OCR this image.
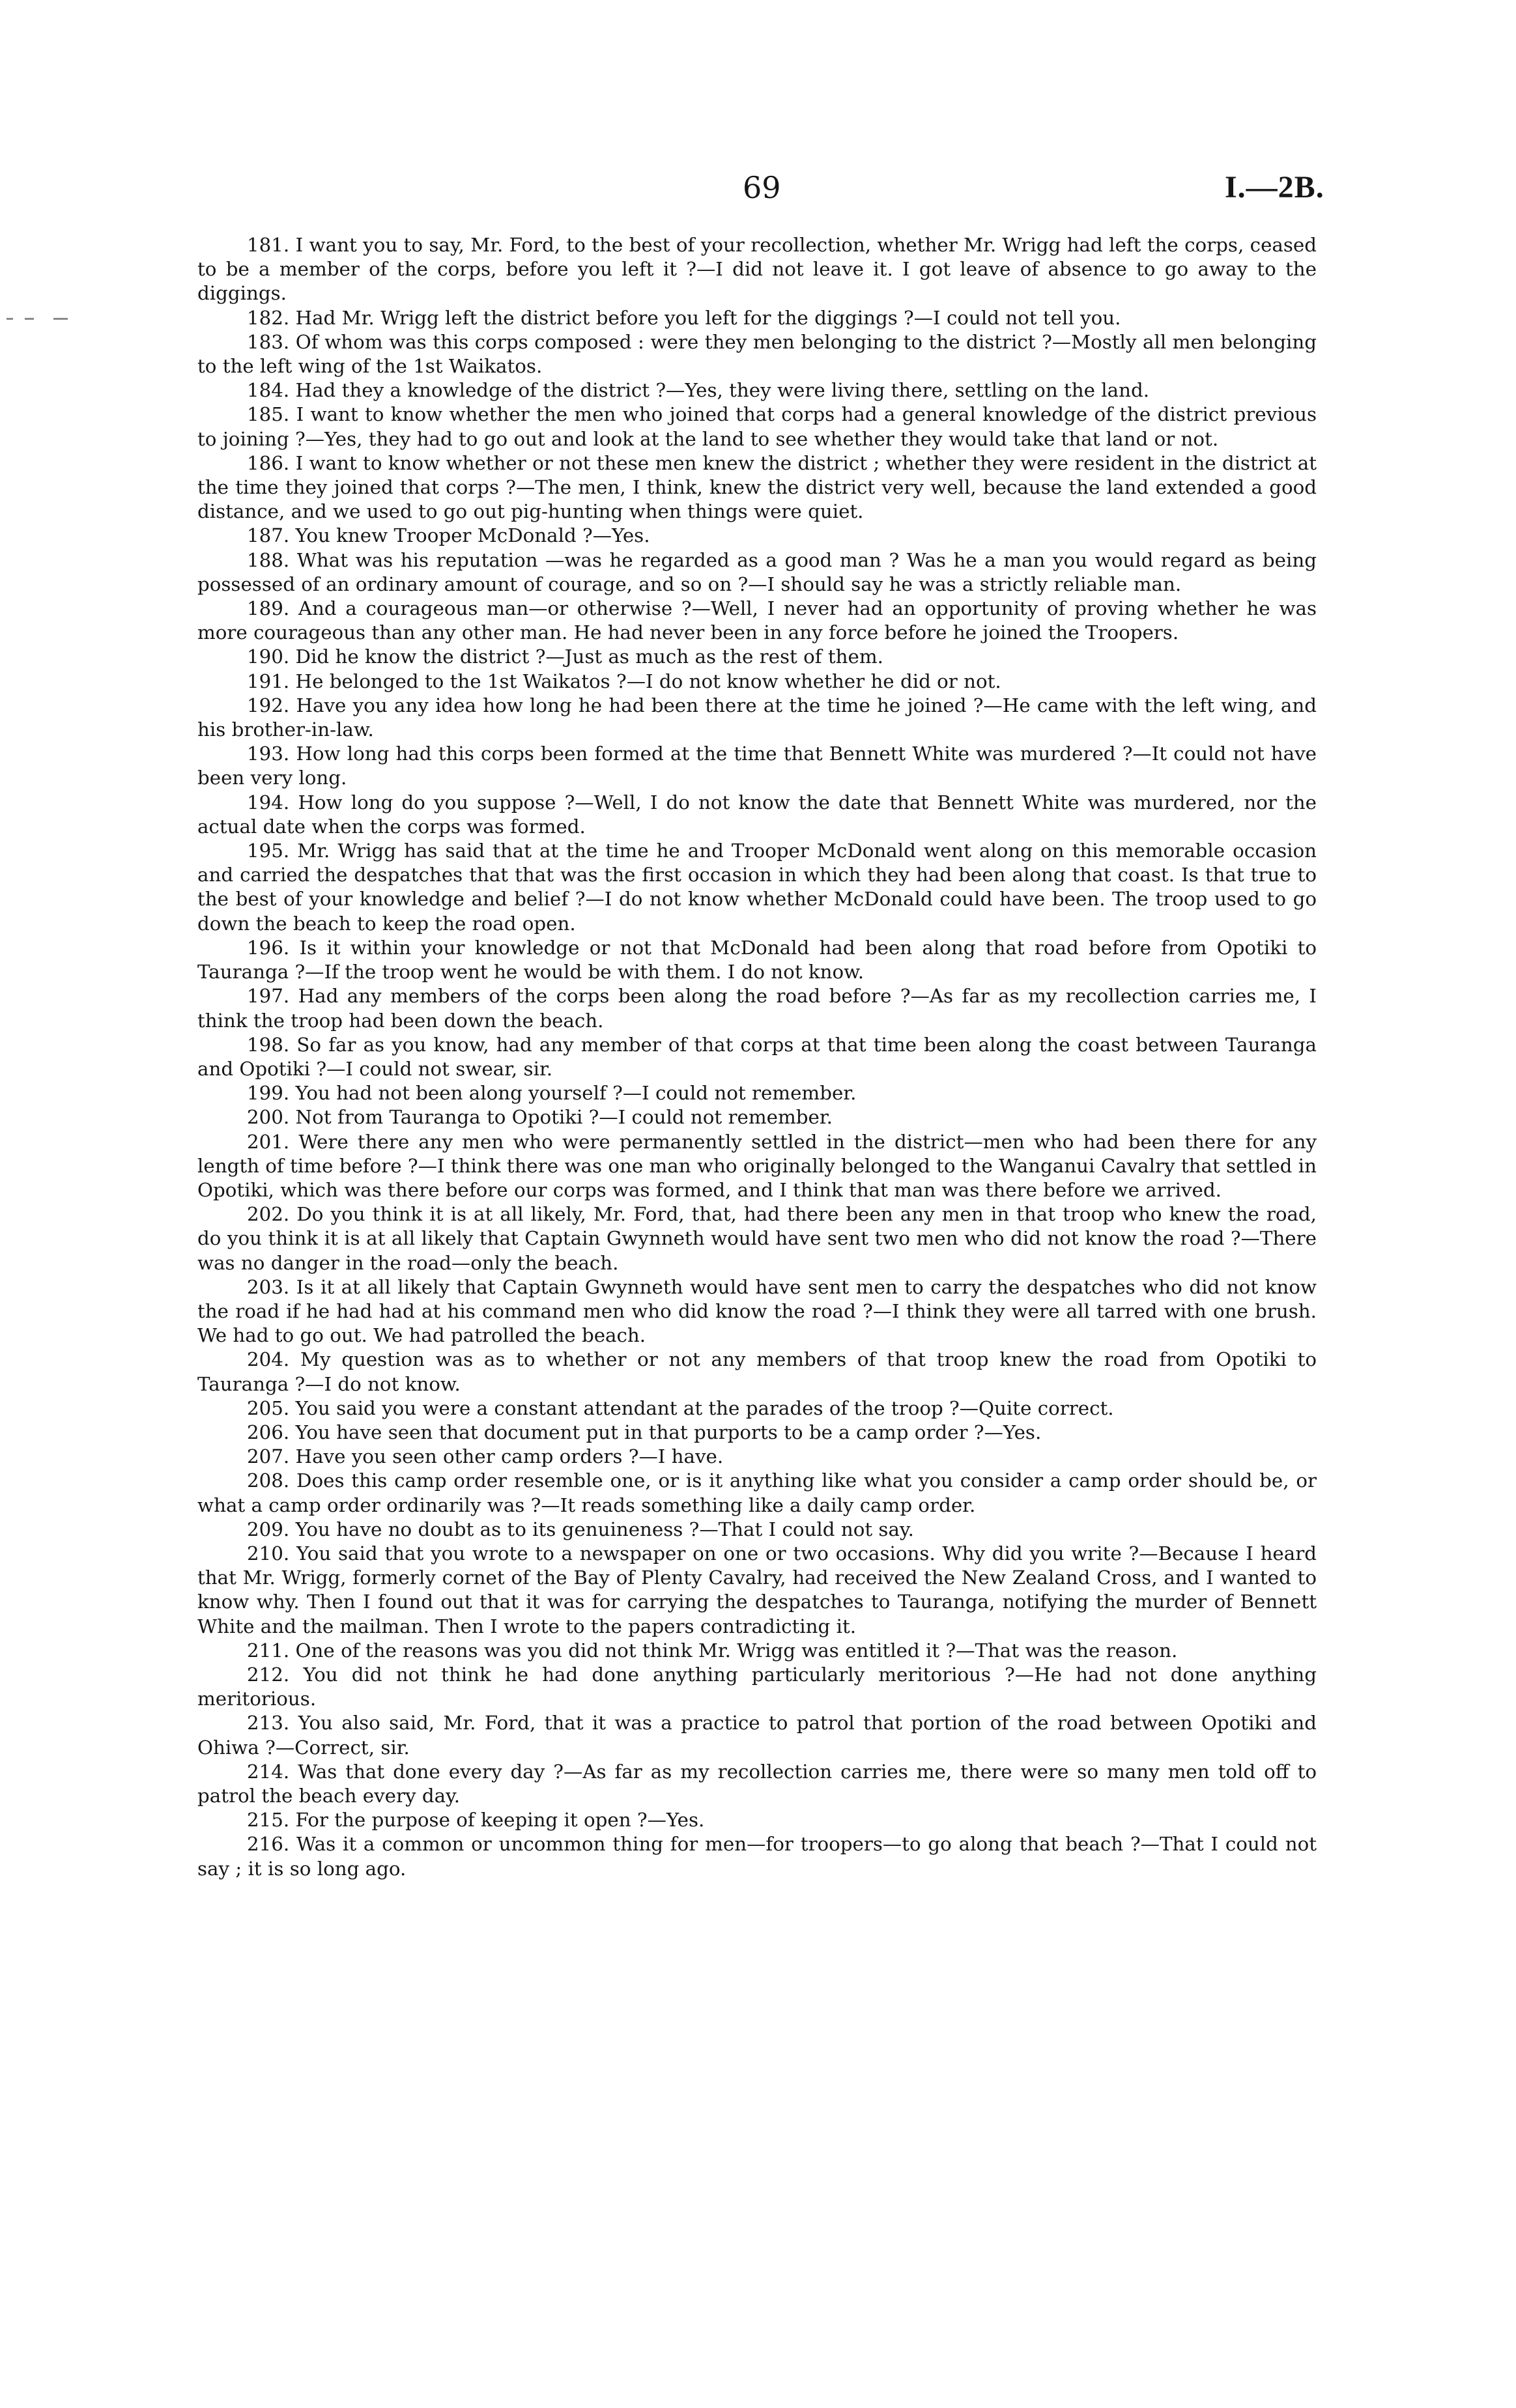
69	I.—2B.

181. I want you to say, Mr. Ford, to the best of your recollection, whether Mr. Wrigg had left the corps, ceased to be a member of the corps, before you left it ?—I did not leave it. I got leave of absence to go away to the diggings.

182. Had Mr. Wrigg left the district before you left for the diggings ?—I could not tell you.

183. Of whom was this corps composed : were they men belonging to the district ?—Mostly all men belonging to the left wing of the 1st Waikatos.

184. Had they a knowledge of the district ?—Yes, they were living there, settling on the land.

185. I want to know whether the men who joined that corps had a general knowledge of the district previous to joining ?—Yes, they had to go out and look at the land to see whether they would take that land or not.

186. I want to know whether or not these men knew the district ; whether they were resident in the district at the time they joined that corps ?—The men, I think, knew the district very well, because the land extended a good distance, and we used to go out pig-hunting when things were quiet.

187. You knew Trooper McDonald ?—Yes.

188. What was his reputation —was he regarded as a good man ? Was he a man you would regard as being possessed of an ordinary amount of courage, and so on ?—I should say he was a strictly reliable man.

189. And a courageous man—or otherwise ?—Well, I never had an opportunity of proving whether he was more courageous than any other man. He had never been in any force before he joined the Troopers.

190. Did he know the district ?—Just as much as the rest of them.

191. He belonged to the 1st Waikatos ?—I do not know whether he did or not.

192. Have you any idea how long he had been there at the time he joined ?—He came with the left wing, and his brother-in-law.

193. How long had this corps been formed at the time that Bennett White was murdered ?—It could not have been very long.

194. How long do you suppose ?—Well, I do not know the date that Bennett White was murdered, nor the actual date when the corps was formed.

195. Mr. Wrigg has said that at the time he and Trooper McDonald went along on this memorable occasion and carried the despatches that that was the first occasion in which they had been along that coast. Is that true to the best of your knowledge and belief ?—I do not know whether McDonald could have been. The troop used to go down the beach to keep the road open.

196. Is it within your knowledge or not that McDonald had been along that road before from Opotiki to Tauranga ?—If the troop went he would be with them. I do not know.

197. Had any members of the corps been along the road before ?—As far as my recollection carries me, I think the troop had been down the beach.

198. So far as you know, had any member of that corps at that time been along the coast between Tauranga and Opotiki ?—I could not swear, sir.

199. You had not been along yourself ?—I could not remember.

200. Not from Tauranga to Opotiki ?—I could not remember.

201. Were there any men who were permanently settled in the district—men who had been there for any length of time before ?—I think there was one man who originally belonged to the Wanganui Cavalry that settled in Opotiki, which was there before our corps was formed, and I think that man was there before we arrived.

202. Do you think it is at all likely, Mr. Ford, that, had there been any men in that troop who knew the road, do you think it is at all likely that Captain Gwynneth would have sent two men who did not know the road ?—There was no danger in the road—only the beach.

203. Is it at all likely that Captain Gwynneth would have sent men to carry the despatches who did not know the road if he had had at his command men who did know the road ?—I think they were all tarred with one brush. We had to go out. We had patrolled the beach.

204. My question was as to whether or not any members of that troop knew the road from Opotiki to Tauranga ?—I do not know.

205. You said you were a constant attendant at the parades of the troop ?—Quite correct.

206. You have seen that document put in that purports to be a camp order ?—Yes.

207. Have you seen other camp orders ?—I have.

208. Does this camp order resemble one, or is it anything like what you consider a camp order should be, or what a camp order ordinarily was ?—It reads something like a daily camp order.

209. You have no doubt as to its genuineness ?—That I could not say.

210. You said that you wrote to a newspaper on one or two occasions. Why did you write ?—Because I heard that Mr. Wrigg, formerly cornet of the Bay of Plenty Cavalry, had received the New Zealand Cross, and I wanted to know why. Then I found out that it was for carrying the despatches to Tauranga, notifying the murder of Bennett White and the mailman. Then I wrote to the papers contradicting it.

211. One of the reasons was you did not think Mr. Wrigg was entitled it ?—That was the reason.

212. You did not think he had done anything particularly meritorious ?—He had not done anything meritorious.

213. You also said, Mr. Ford, that it was a practice to patrol that portion of the road between Opotiki and Ohiwa ?—Correct, sir.

214. Was that done every day ?—As far as my recollection carries me, there were so many men told off to patrol the beach every day.

215. For the purpose of keeping it open ?—Yes.

216. Was it a common or uncommon thing for men—for troopers—to go along that beach ?—That I could not say ; it is so long ago.
